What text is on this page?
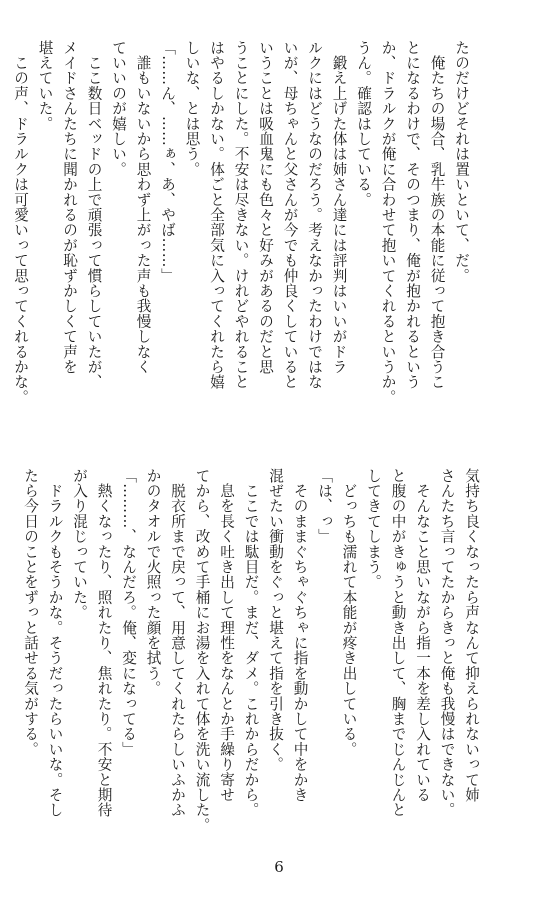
たのだけどそれは置いといて、だ。
　俺たちの場合、乳牛族の本能に従って抱き合うこ
とになるわけで、そのつまり、俺が抱かれるという
か、ドラルクが俺に合わせて抱いてくれるというか。
うん。確認はしている。
　鍛え上げた体は姉さん達には評判はいいがドラ
ルクにはどうなのだろう。考えなかったわけではな
いが、母ちゃんと父さんが今でも仲良くしていると
いうことは吸血鬼にも色々と好みがあるのだと思
うことにした。不安は尽きない。けれどやれること
はやるしかない。体ごと全部気に入ってくれたら嬉
しいな、とは思う。
「……ん、……ぁ、あ、やば……」
　誰もいないから思わず上がった声も我慢しなく
ていいのが嬉しい。
　ここ数日ベッドの上で頑張って慣らしていたが、
メイドさんたちに聞かれるのが恥ずかしくて声を
堪えていた。
　この声、ドラルクは可愛いって思ってくれるかな。
気持ち良くなったら声なんて抑えられないって姉
さんたち言ってたからきっと俺も我慢はできない。
　そんなこと思いながら指一本を差し入れている
と腹の中がきゅうと動き出して、胸までじんじんと
してきてしまう。
　どっちも濡れて本能が疼き出している。
「は、っ」
　そのままぐちゃぐちゃに指を動かして中をかき
混ぜたい衝動をぐっと堪えて指を引き抜く。
　ここでは駄目だ。まだ、ダメ。これからだから。
　息を長く吐き出して理性をなんとか手繰り寄せ
てから、改めて手桶にお湯を入れて体を洗い流した。
　脱衣所まで戻って、用意してくれたらしいふかふ
かのタオルで火照った顔を拭う。
「………、なんだろ。俺、変になってる」
　熱くなったり、照れたり、焦れたり。不安と期待
が入り混じっていた。
　ドラルクもそうかな。そうだったらいいな。そし
たら今日のことをずっと話せる気がする。
6
